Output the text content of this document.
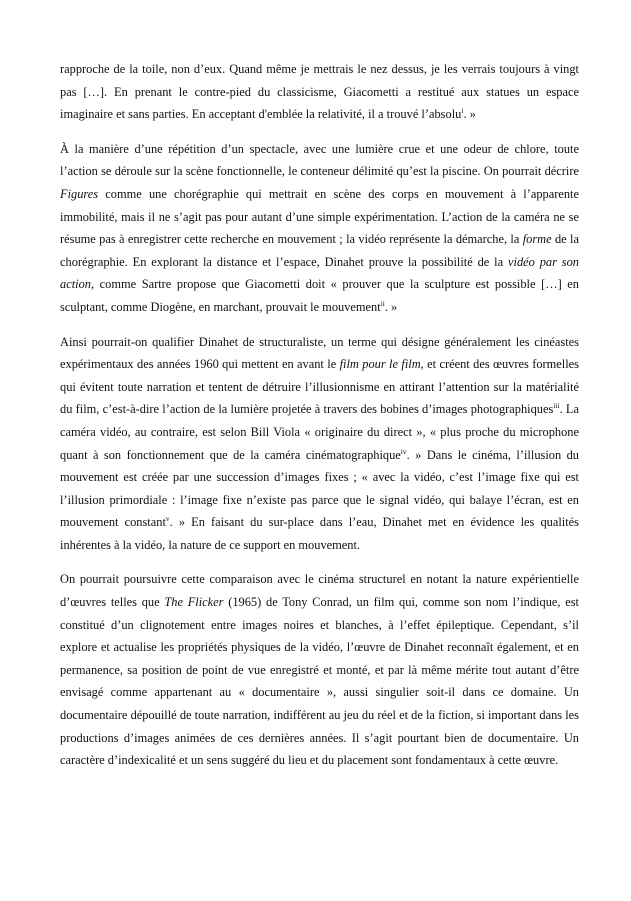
rapproche de la toile, non d’eux. Quand même je mettrais le nez dessus, je les verrais toujours à vingt pas […]. En prenant le contre-pied du classicisme, Giacometti a restitué aux statues un espace imaginaire et sans parties. En acceptant d'emblée la relativité, il a trouvé l’absolu$^i$. »

À la manière d’une répétition d’un spectacle, avec une lumière crue et une odeur de chlore, toute l’action se déroule sur la scène fonctionnelle, le conteneur délimité qu’est la piscine. On pourrait décrire Figures comme une chorégraphie qui mettrait en scène des corps en mouvement à l’apparente immobilité, mais il ne s’agit pas pour autant d’une simple expérimentation. L’action de la caméra ne se résume pas à enregistrer cette recherche en mouvement ; la vidéo représente la démarche, la forme de la chorégraphie. En explorant la distance et l’espace, Dinahet prouve la possibilité de la vidéo par son action, comme Sartre propose que Giacometti doit « prouver que la sculpture est possible […] en sculptant, comme Diogène, en marchant, prouvait le mouvement$^{ii}$. »

Ainsi pourrait-on qualifier Dinahet de structuraliste, un terme qui désigne généralement les cinéastes expérimentaux des années 1960 qui mettent en avant le film pour le film, et créent des œuvres formelles qui évitent toute narration et tentent de détruire l’illusionnisme en attirant l’attention sur la matérialité du film, c’est-à-dire l’action de la lumière projetée à travers des bobines d’images photographiques$^{iii}$. La caméra vidéo, au contraire, est selon Bill Viola « originaire du direct », « plus proche du microphone quant à son fonctionnement que de la caméra cinématographique$^{iv}$. » Dans le cinéma, l’illusion du mouvement est créée par une succession d’images fixes ; « avec la vidéo, c’est l’image fixe qui est l’illusion primordiale : l’image fixe n’existe pas parce que le signal vidéo, qui balaye l’écran, est en mouvement constant$^v$. » En faisant du sur-place dans l’eau, Dinahet met en évidence les qualités inhérentes à la vidéo, la nature de ce support en mouvement.

On pourrait poursuivre cette comparaison avec le cinéma structurel en notant la nature expérientielle d’œuvres telles que The Flicker (1965) de Tony Conrad, un film qui, comme son nom l’indique, est constitué d’un clignotement entre images noires et blanches, à l’effet épileptique. Cependant, s’il explore et actualise les propriétés physiques de la vidéo, l’œuvre de Dinahet reconnaît également, et en permanence, sa position de point de vue enregistré et monté, et par là même mérite tout autant d’être envisagé comme appartenant au « documentaire », aussi singulier soit-il dans ce domaine. Un documentaire dépouillé de toute narration, indifférent au jeu du réel et de la fiction, si important dans les productions d’images animées de ces dernières années. Il s’agit pourtant bien de documentaire. Un caractère d’indexicalité et un sens suggéré du lieu et du placement sont fondamentaux à cette œuvre.
